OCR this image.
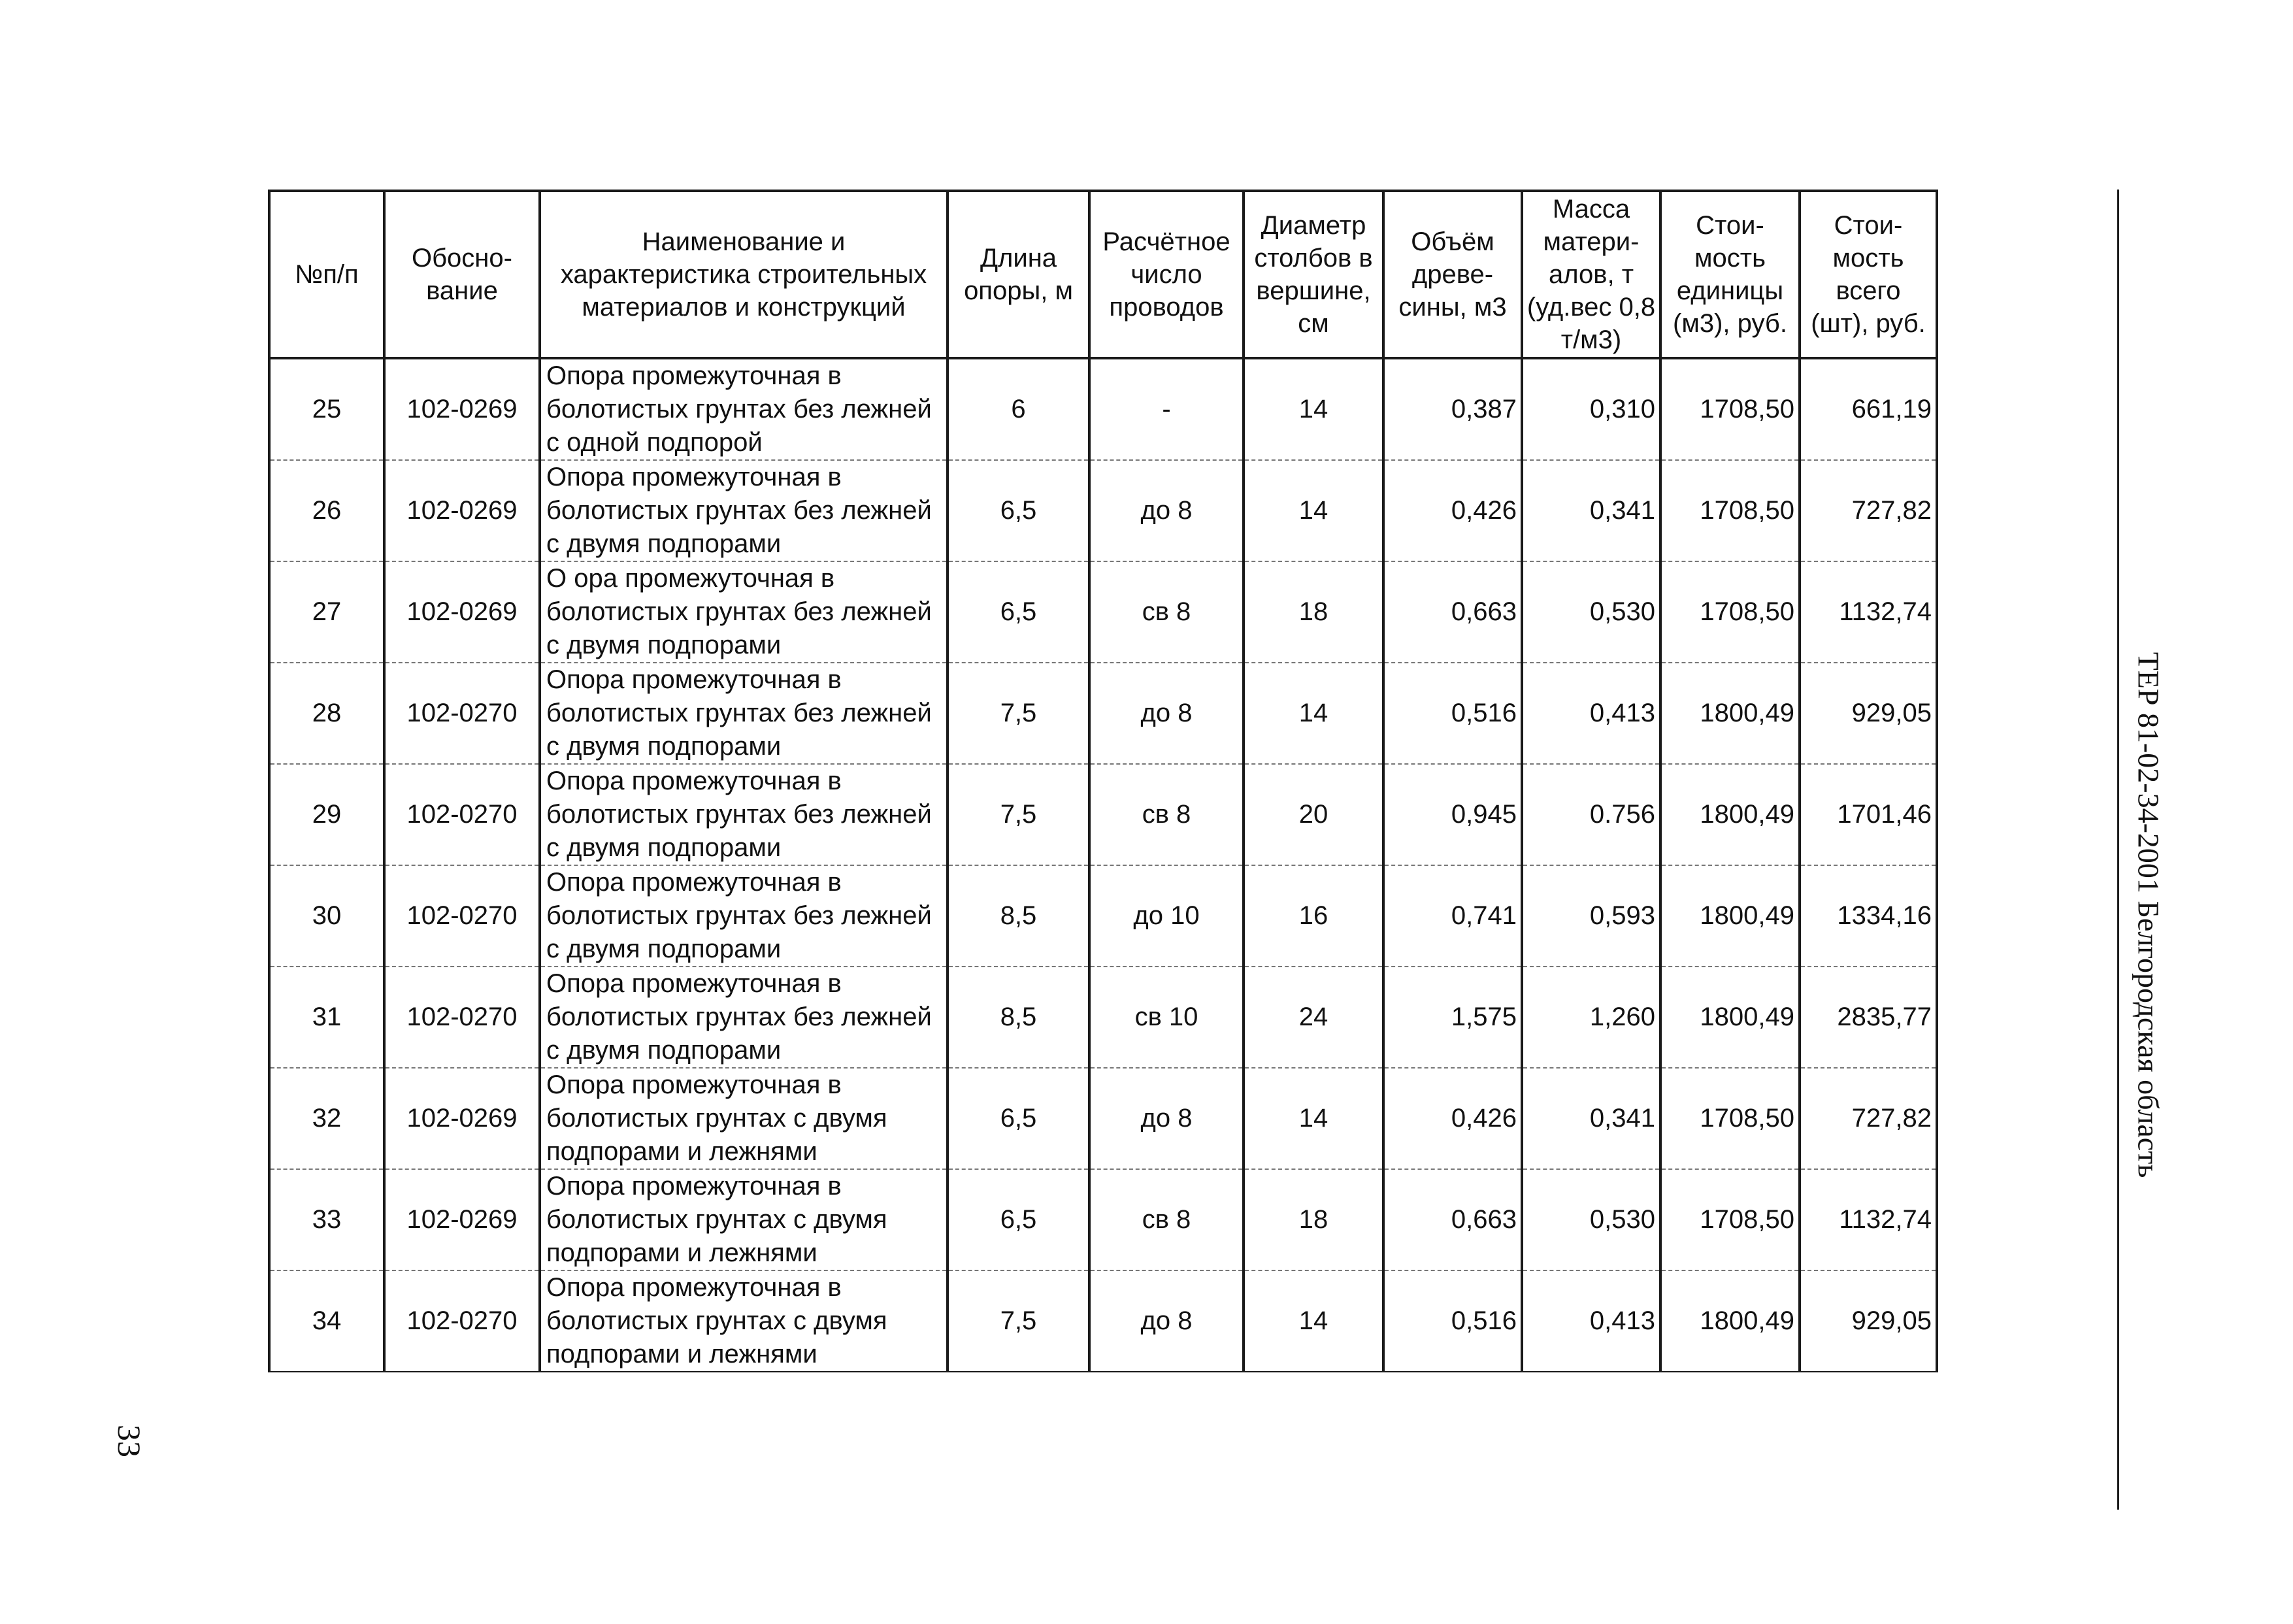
№п/п	Обосно-вание	Наименование и характеристика строительных материалов и конструкций	Длина опоры, м	Расчётное число проводов	Диаметр столбов в вершине, см	Объём древе-сины, м3	Масса матери-алов, т (уд.вес 0,8 т/м3)	Стои-мость единицы (м3), руб.	Стои-мость всего (шт), руб.
25	102-0269	Опора промежуточная в болотистых грунтах без лежней с одной подпорой	6	-	14	0,387	0,310	1708,50	661,19
26	102-0269	Опора промежуточная в болотистых грунтах без лежней с двумя подпорами	6,5	до 8	14	0,426	0,341	1708,50	727,82
27	102-0269	О ора промежуточная в болотистых грунтах без лежней с двумя подпорами	6,5	св 8	18	0,663	0,530	1708,50	1132,74
28	102-0270	Опора промежуточная в болотистых грунтах без лежней с двумя подпорами	7,5	до 8	14	0,516	0,413	1800,49	929,05
29	102-0270	Опора промежуточная в болотистых грунтах без лежней с двумя подпорами	7,5	св 8	20	0,945	0.756	1800,49	1701,46
30	102-0270	Опора промежуточная в болотистых грунтах без лежней с двумя подпорами	8,5	до 10	16	0,741	0,593	1800,49	1334,16
31	102-0270	Опора промежуточная в болотистых грунтах без лежней с двумя подпорами	8,5	св 10	24	1,575	1,260	1800,49	2835,77
32	102-0269	Опора промежуточная в болотистых грунтах с двумя подпорами и лежнями	6,5	до 8	14	0,426	0,341	1708,50	727,82
33	102-0269	Опора промежуточная в болотистых грунтах с двумя подпорами и лежнями	6,5	св 8	18	0,663	0,530	1708,50	1132,74
34	102-0270	Опора промежуточная в болотистых грунтах с двумя подпорами и лежнями	7,5	до 8	14	0,516	0,413	1800,49	929,05
ТЕР 81-02-34-2001 Белгородская область
33
